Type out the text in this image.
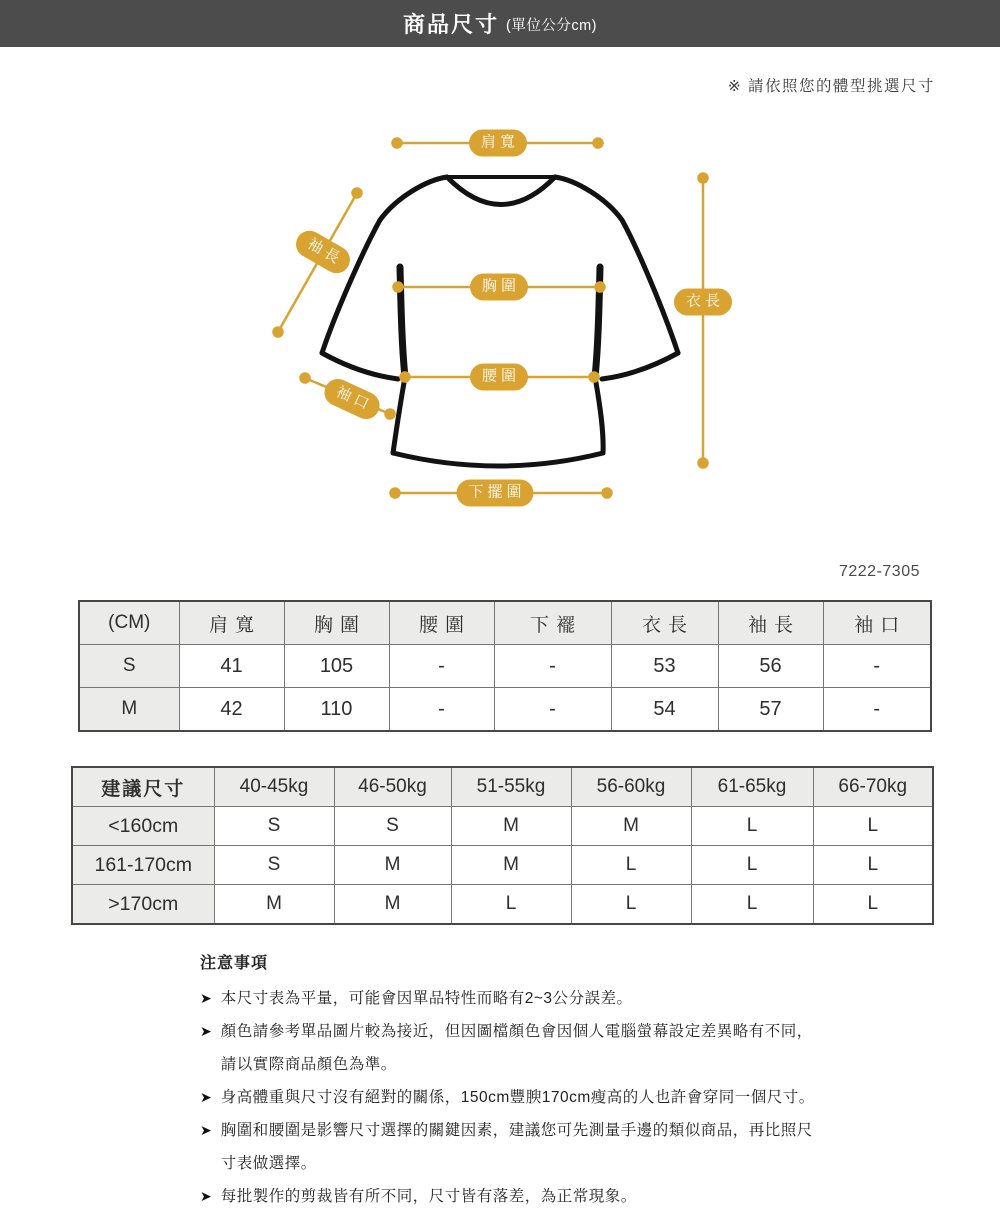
商品尺寸 (單位公分cm)
※ 請依照您的體型挑選尺寸
肩寬
袖長
胸圍
衣長
腰圍
袖口
下擺圍
7222-7305
(CM)	肩寬	胸圍	腰圍	下襬	衣長	袖長	袖口
S	41	105	-	-	53	56	-
M	42	110	-	-	54	57	-
建議尺寸	40-45kg	46-50kg	51-55kg	56-60kg	61-65kg	66-70kg
<160cm	S	S	M	M	L	L
161-170cm	S	M	M	L	L	L
>170cm	M	M	L	L	L	L
注意事項
➤ 本尺寸表為平量，可能會因單品特性而略有2~3公分誤差。
➤ 顏色請參考單品圖片較為接近，但因圖檔顏色會因個人電腦螢幕設定差異略有不同，請以實際商品顏色為準。
➤ 身高體重與尺寸沒有絕對的關係，150cm豐腴170cm瘦高的人也許會穿同一個尺寸。
➤ 胸圍和腰圍是影響尺寸選擇的關鍵因素，建議您可先測量手邊的類似商品，再比照尺寸表做選擇。
➤ 每批製作的剪裁皆有所不同，尺寸皆有落差，為正常現象。
